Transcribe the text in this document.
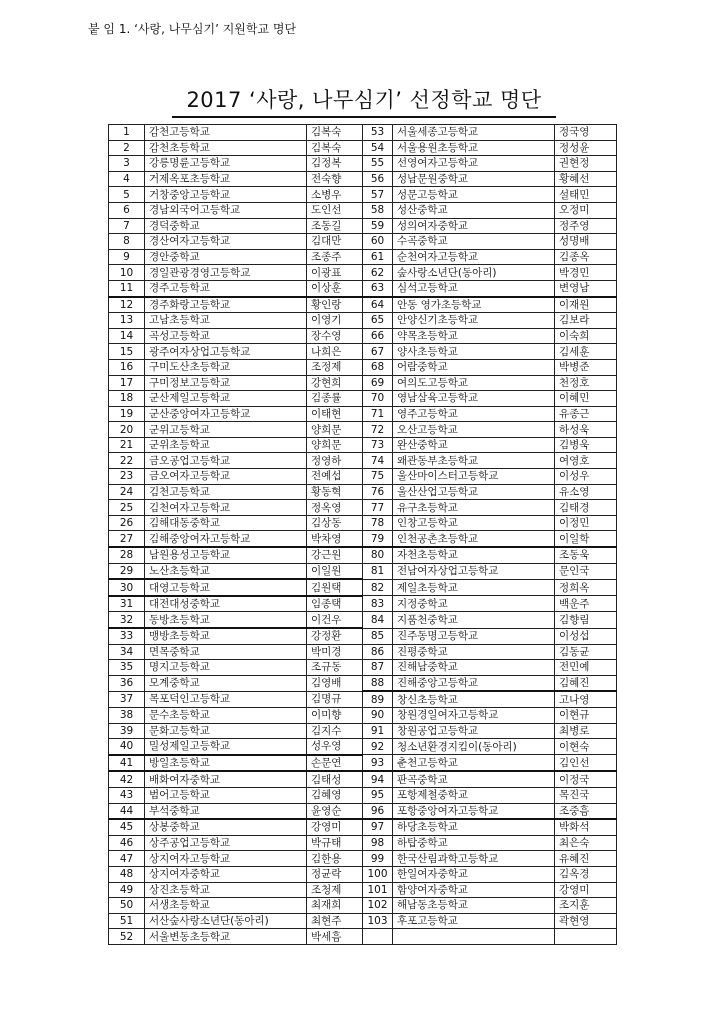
붙 임 1. ‘사랑, 나무심기’ 지원학교 명단
2017 ‘사랑, 나무심기’ 선정학교 명단
1	감천고등학교	김복숙	53	서울세종고등학교	정국영
2	감천초등학교	김복숙	54	서울용원초등학교	정성윤
3	강릉명륜고등학교	김정복	55	선영여자고등학교	권현정
4	거제옥포초등학교	전숙향	56	성남문원중학교	황혜선
5	거창중앙고등학교	소병우	57	성문고등학교	설태민
6	경남외국어고등학교	도인선	58	성산중학교	오정미
7	경덕중학교	조동길	59	성의여자중학교	정주영
8	경산여자고등학교	김대만	60	수곡중학교	성명배
9	경안중학교	조종주	61	순천여자고등학교	김종옥
10	경일관광경영고등학교	이광표	62	숲사랑소년단(동아리)	박경민
11	경주고등학교	이상훈	63	심석고등학교	변영남
12	경주화랑고등학교	황인랑	64	안동 영가초등학교	이재원
13	고남초등학교	이영기	65	안양신기초등학교	김보라
14	곡성고등학교	장수영	66	약목초등학교	이숙희
15	광주여자상업고등학교	나희은	67	양사초등학교	김세훈
16	구미도산초등학교	조정제	68	어람중학교	박병준
17	구미정보고등학교	강현희	69	여의도고등학교	천정호
18	군산제일고등학교	김종률	70	영남삼육고등학교	이혜민
19	군산중앙여자고등학교	이태현	71	영주고등학교	유종근
20	군위고등학교	양희문	72	오산고등학교	하성욱
21	군위초등학교	양희문	73	완산중학교	김병욱
22	금오공업고등학교	정영하	74	왜관동부초등학교	여영호
23	금오여자고등학교	전예섭	75	울산마이스터고등학교	이성우
24	김천고등학교	황동혁	76	울산산업고등학교	유소영
25	김천여자고등학교	정옥영	77	유구초등학교	김태경
26	김해대동중학교	김상동	78	인창고등학교	이정민
27	김해중앙여자고등학교	박차영	79	인천공촌초등학교	이일학
28	남원용성고등학교	강근원	80	자천초등학교	조동욱
29	노산초등학교	이일원	81	전남여자상업고등학교	문인국
30	대영고등학교	김원택	82	제일초등학교	정희옥
31	대전대성중학교	임종택	83	지정중학교	백운주
32	동방초등학교	이건우	84	지품천중학교	김향림
33	맹방초등학교	강정환	85	진주동명고등학교	이성섭
34	면목중학교	박미경	86	진평중학교	김동균
35	명지고등학교	조규동	87	진해남중학교	전민예
36	모계중학교	김영배	88	진해중앙고등학교	김혜진
37	목포덕인고등학교	김명규	89	창신초등학교	고나영
38	문수초등학교	이미향	90	창원경일여자고등학교	이현규
39	문화고등학교	김지수	91	창원공업고등학교	최병로
40	밀성제일고등학교	성우영	92	청소년환경지킴이(동아리)	이현숙
41	방일초등학교	손문연	93	춘천고등학교	김인선
42	배화여자중학교	김태성	94	판곡중학교	이정국
43	범어고등학교	김혜영	95	포항제철중학교	목진국
44	부석중학교	윤영순	96	포항중앙여자고등학교	조중흠
45	상봉중학교	강영미	97	하당초등학교	박화석
46	상주공업고등학교	박규태	98	하탑중학교	최은숙
47	상지여자고등학교	김한용	99	한국산림과학고등학교	유혜진
48	상지여자중학교	정균락	100	한일여자중학교	김옥경
49	상진초등학교	조청제	101	함양여자중학교	강영미
50	서생초등학교	최재희	102	해남동초등학교	조지훈
51	서산숲사랑소년단(동아리)	최현주	103	후포고등학교	곽현영
52	서울변동초등학교	박세흠			
